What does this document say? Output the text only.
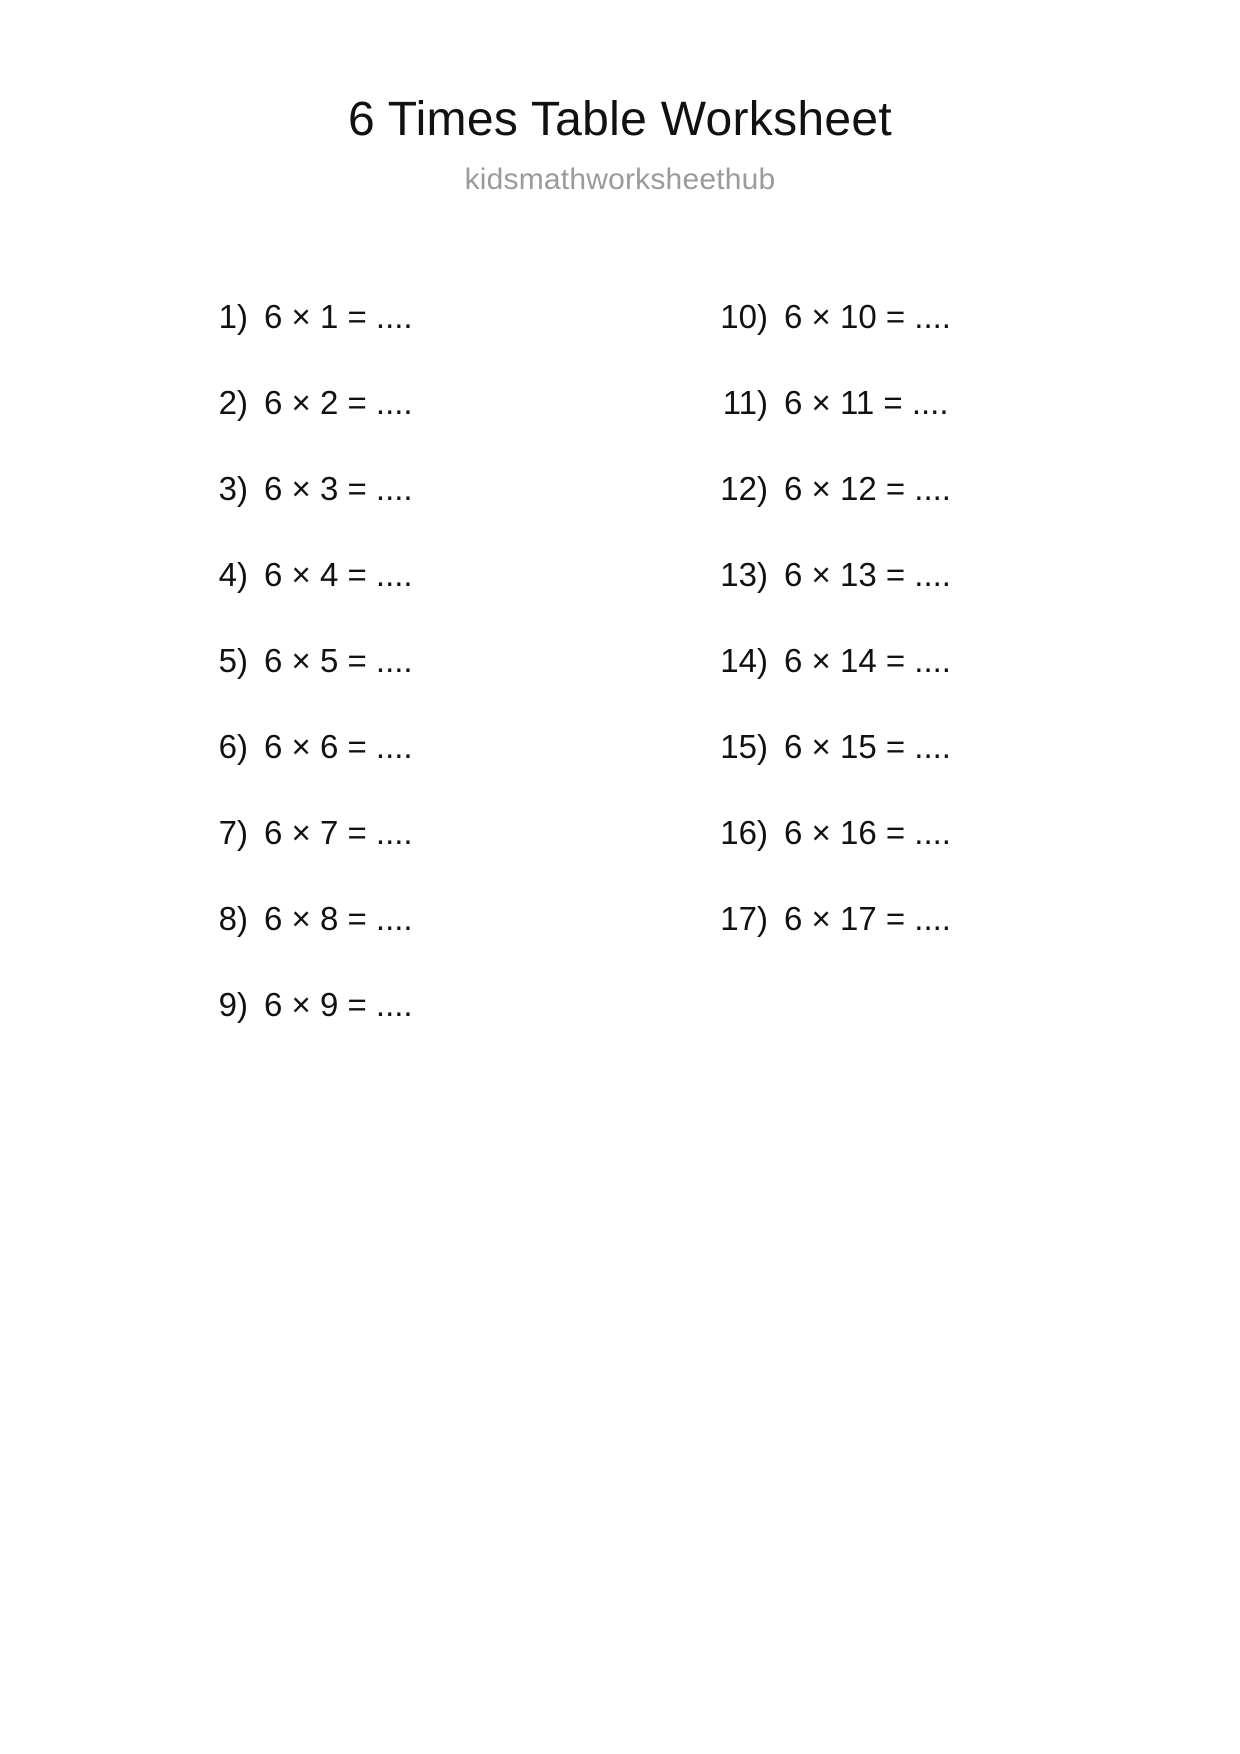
6 Times Table Worksheet
kidsmathworksheethub
1) 6 × 1 = ....
2) 6 × 2 = ....
3) 6 × 3 = ....
4) 6 × 4 = ....
5) 6 × 5 = ....
6) 6 × 6 = ....
7) 6 × 7 = ....
8) 6 × 8 = ....
9) 6 × 9 = ....
10) 6 × 10 = ....
11) 6 × 11 = ....
12) 6 × 12 = ....
13) 6 × 13 = ....
14) 6 × 14 = ....
15) 6 × 15 = ....
16) 6 × 16 = ....
17) 6 × 17 = ....
